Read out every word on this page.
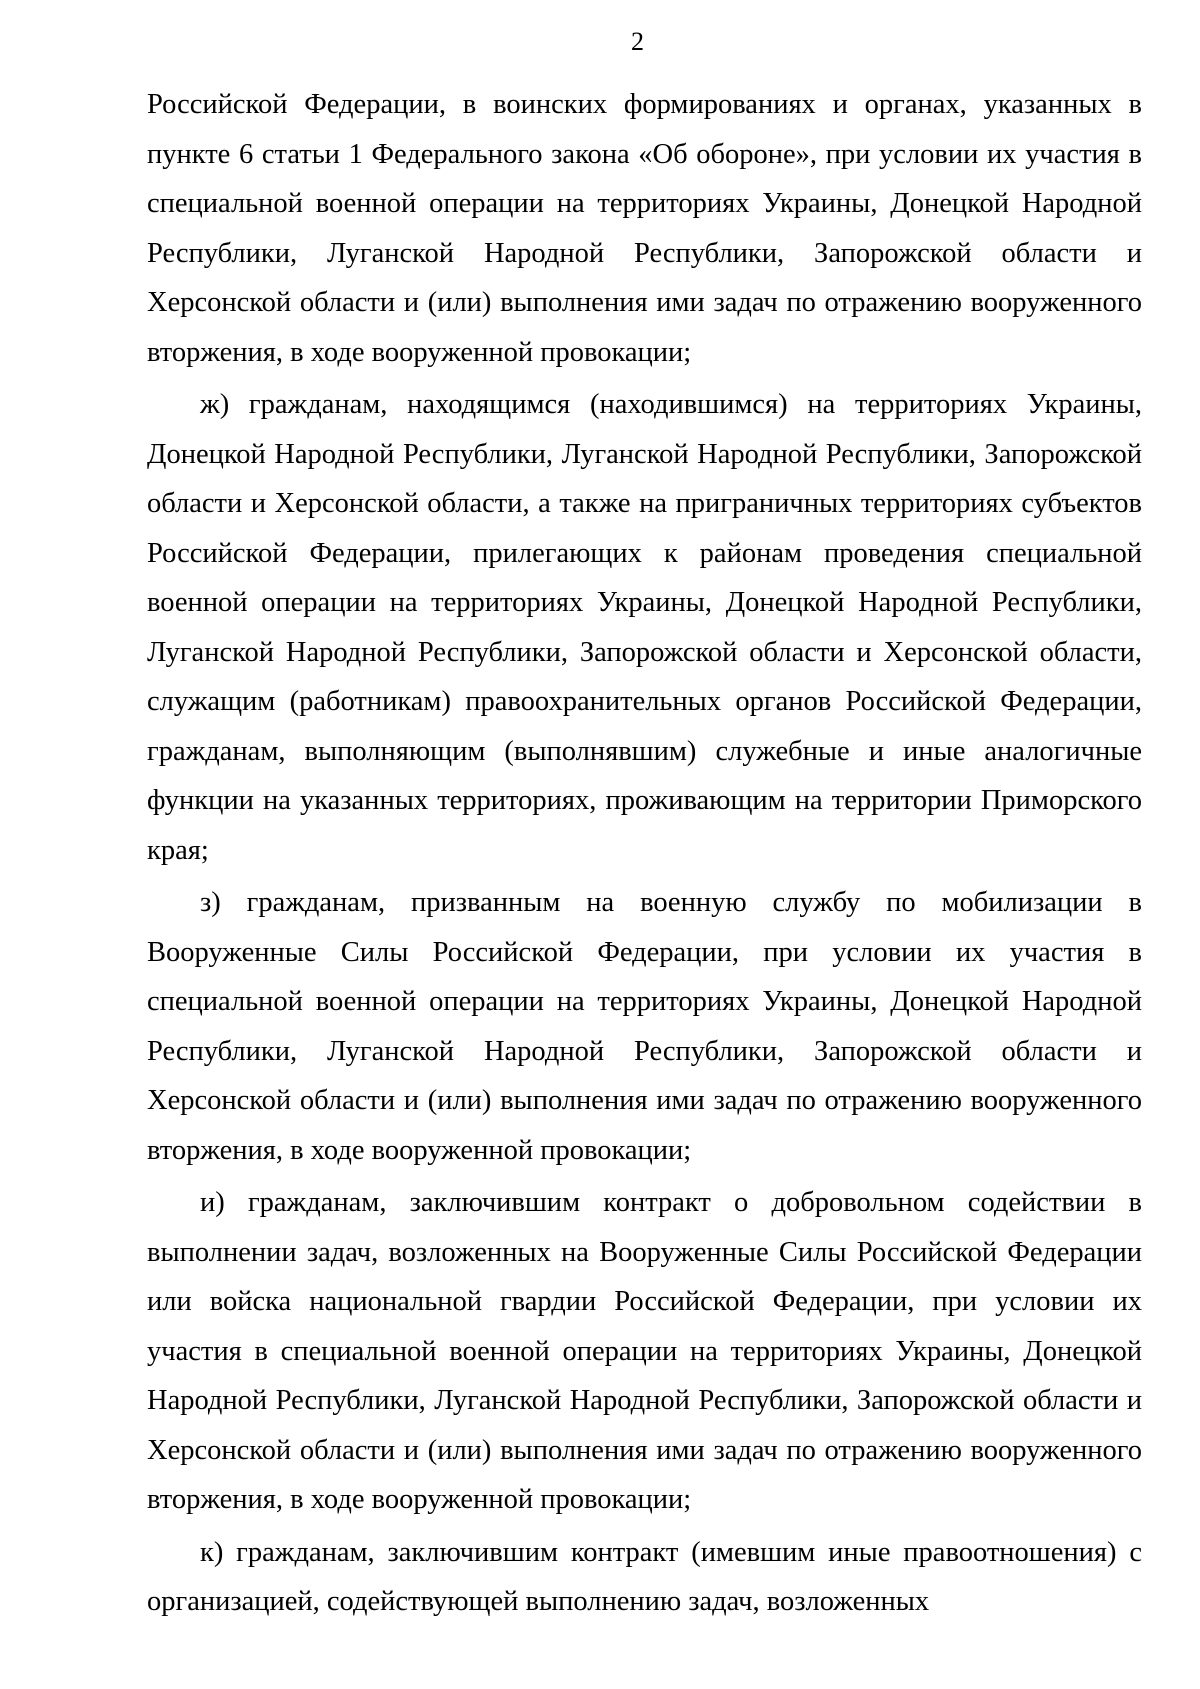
2

Российской Федерации, в воинских формированиях и органах, указанных в пункте 6 статьи 1 Федерального закона «Об обороне», при условии их участия в специальной военной операции на территориях Украины, Донецкой Народной Республики, Луганской Народной Республики, Запорожской области и Херсонской области и (или) выполнения ими задач по отражению вооруженного вторжения, в ходе вооруженной провокации;

ж) гражданам, находящимся (находившимся) на территориях Украины, Донецкой Народной Республики, Луганской Народной Республики, Запорожской области и Херсонской области, а также на приграничных территориях субъектов Российской Федерации, прилегающих к районам проведения специальной военной операции на территориях Украины, Донецкой Народной Республики, Луганской Народной Республики, Запорожской области и Херсонской области, служащим (работникам) правоохранительных органов Российской Федерации, гражданам, выполняющим (выполнявшим) служебные и иные аналогичные функции на указанных территориях, проживающим на территории Приморского края;

з) гражданам, призванным на военную службу по мобилизации в Вооруженные Силы Российской Федерации, при условии их участия в специальной военной операции на территориях Украины, Донецкой Народной Республики, Луганской Народной Республики, Запорожской области и Херсонской области и (или) выполнения ими задач по отражению вооруженного вторжения, в ходе вооруженной провокации;

и) гражданам, заключившим контракт о добровольном содействии в выполнении задач, возложенных на Вооруженные Силы Российской Федерации или войска национальной гвардии Российской Федерации, при условии их участия в специальной военной операции на территориях Украины, Донецкой Народной Республики, Луганской Народной Республики, Запорожской области и Херсонской области и (или) выполнения ими задач по отражению вооруженного вторжения, в ходе вооруженной провокации;

к) гражданам, заключившим контракт (имевшим иные правоотношения) с организацией, содействующей выполнению задач, возложенных
